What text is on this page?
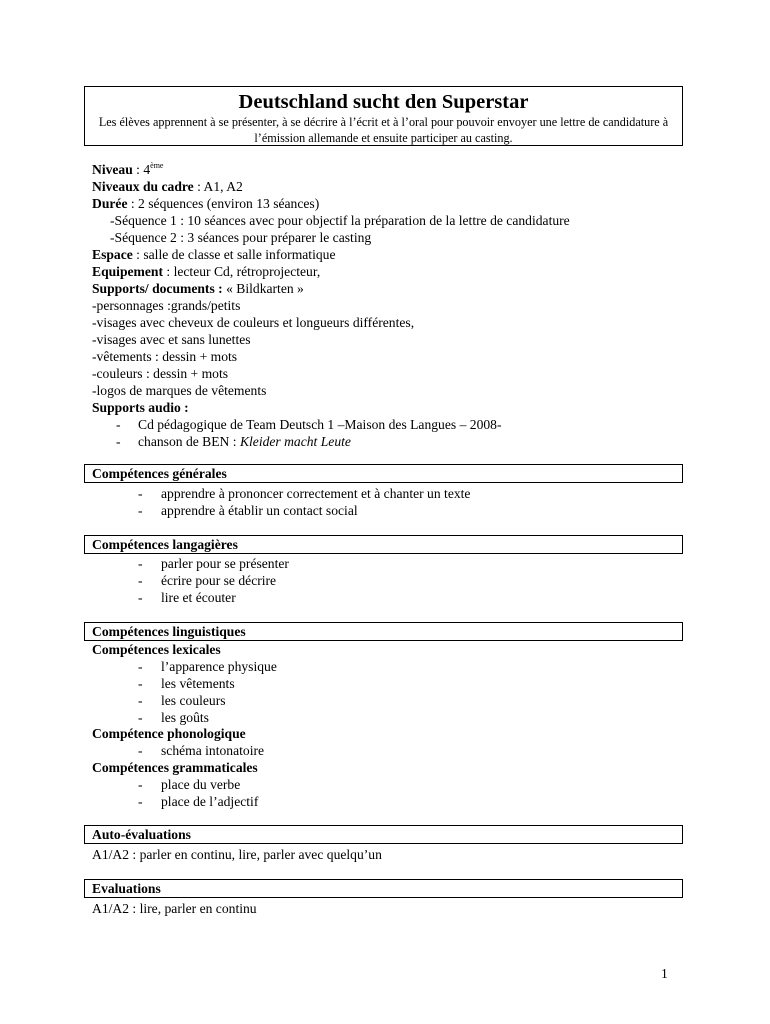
Deutschland sucht den Superstar

Les élèves apprennent à se présenter, à se décrire à l’écrit et à l’oral pour pouvoir envoyer une lettre de candidature à l’émission allemande et ensuite participer au casting.

Niveau : 4ème
Niveaux du cadre : A1, A2
Durée : 2 séquences (environ 13 séances)
-Séquence 1 : 10 séances avec pour objectif la préparation de la lettre de candidature
-Séquence 2 : 3 séances pour préparer le casting
Espace : salle de classe et salle informatique
Equipement : lecteur Cd, rétroprojecteur,
Supports/ documents : « Bildkarten »
-personnages :grands/petits
-visages avec cheveux de couleurs et longueurs différentes,
-visages avec et sans lunettes
-vêtements : dessin + mots
-couleurs : dessin + mots
-logos de marques de vêtements
Supports audio :
- Cd pédagogique de Team Deutsch 1 –Maison des Langues – 2008-
- chanson de BEN : Kleider macht Leute
Compétences générales
- apprendre à prononcer correctement et à chanter un texte
- apprendre à établir un contact social
Compétences langagières
- parler pour se présenter
- écrire pour se décrire
- lire et écouter
Compétences linguistiques
Compétences lexicales
- l’apparence physique
- les vêtements
- les couleurs
- les goûts
Compétence phonologique
- schéma intonatoire
Compétences grammaticales
- place du verbe
- place de l’adjectif
Auto-évaluations
A1/A2 : parler en continu, lire, parler avec quelqu’un
Evaluations
A1/A2 : lire, parler en continu
1
